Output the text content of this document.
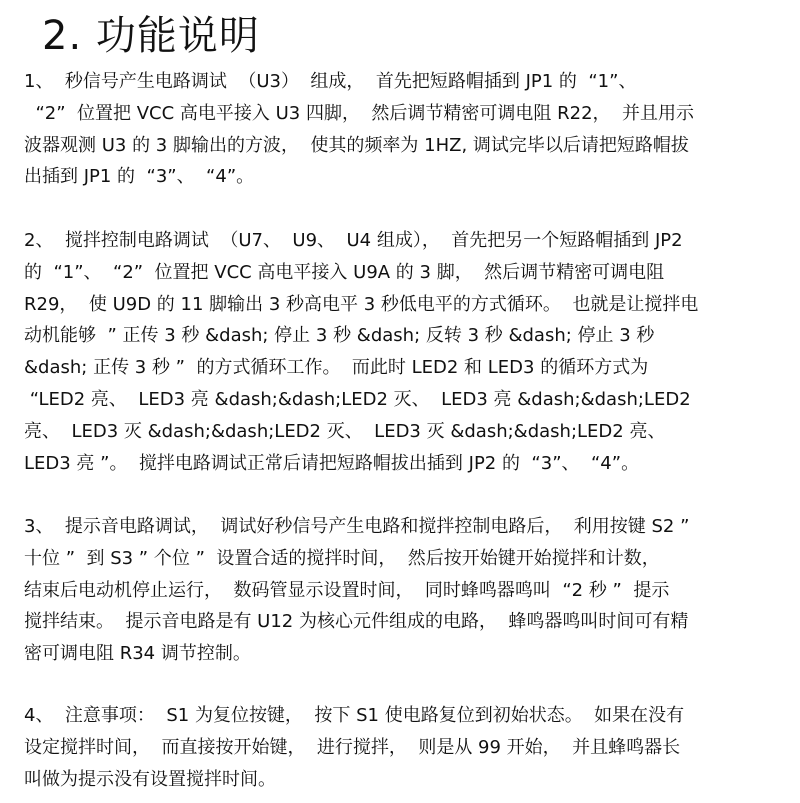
2. 功能说明
1、  秒信号产生电路调试  （U3）  组成，  首先把短路帽插到 JP1 的  “1”、
“2”  位置把 VCC 高电平接入 U3 四脚，  然后调节精密可调电阻 R22，  并且用示
波器观测 U3 的 3 脚输出的方波，  使其的频率为 1HZ, 调试完毕以后请把短路帽拔
出插到 JP1 的  “3”、  “4”。
2、  搅拌控制电路调试  （U7、  U9、  U4 组成），  首先把另一个短路帽插到 JP2
的  “1”、  “2”  位置把 VCC 高电平接入 U9A 的 3 脚，  然后调节精密可调电阻
R29，  使 U9D 的 11 脚输出 3 秒高电平 3 秒低电平的方式循环。  也就是让搅拌电
动机能够  ” 正传 3 秒 &dash; 停止 3 秒 &dash; 反转 3 秒 &dash; 停止 3 秒
&dash; 正传 3 秒 ”  的方式循环工作。  而此时 LED2 和 LED3 的循环方式为
“LED2 亮、  LED3 亮 &dash;&dash;LED2 灭、  LED3 亮 &dash;&dash;LED2
亮、  LED3 灭 &dash;&dash;LED2 灭、  LED3 灭 &dash;&dash;LED2 亮、
LED3 亮 ”。  搅拌电路调试正常后请把短路帽拔出插到 JP2 的  “3”、  “4”。
3、  提示音电路调试，  调试好秒信号产生电路和搅拌控制电路后，  利用按键 S2 ”
十位 ”  到 S3 ” 个位 ”  设置合适的搅拌时间，  然后按开始键开始搅拌和计数，
结束后电动机停止运行，  数码管显示设置时间，  同时蜂鸣器鸣叫  “2 秒 ”  提示
搅拌结束。  提示音电路是有 U12 为核心元件组成的电路，  蜂鸣器鸣叫时间可有精
密可调电阻 R34 调节控制。
4、  注意事项：  S1 为复位按键，  按下 S1 使电路复位到初始状态。  如果在没有
设定搅拌时间，  而直接按开始键，  进行搅拌，  则是从 99 开始，  并且蜂鸣器长
叫做为提示没有设置搅拌时间。
